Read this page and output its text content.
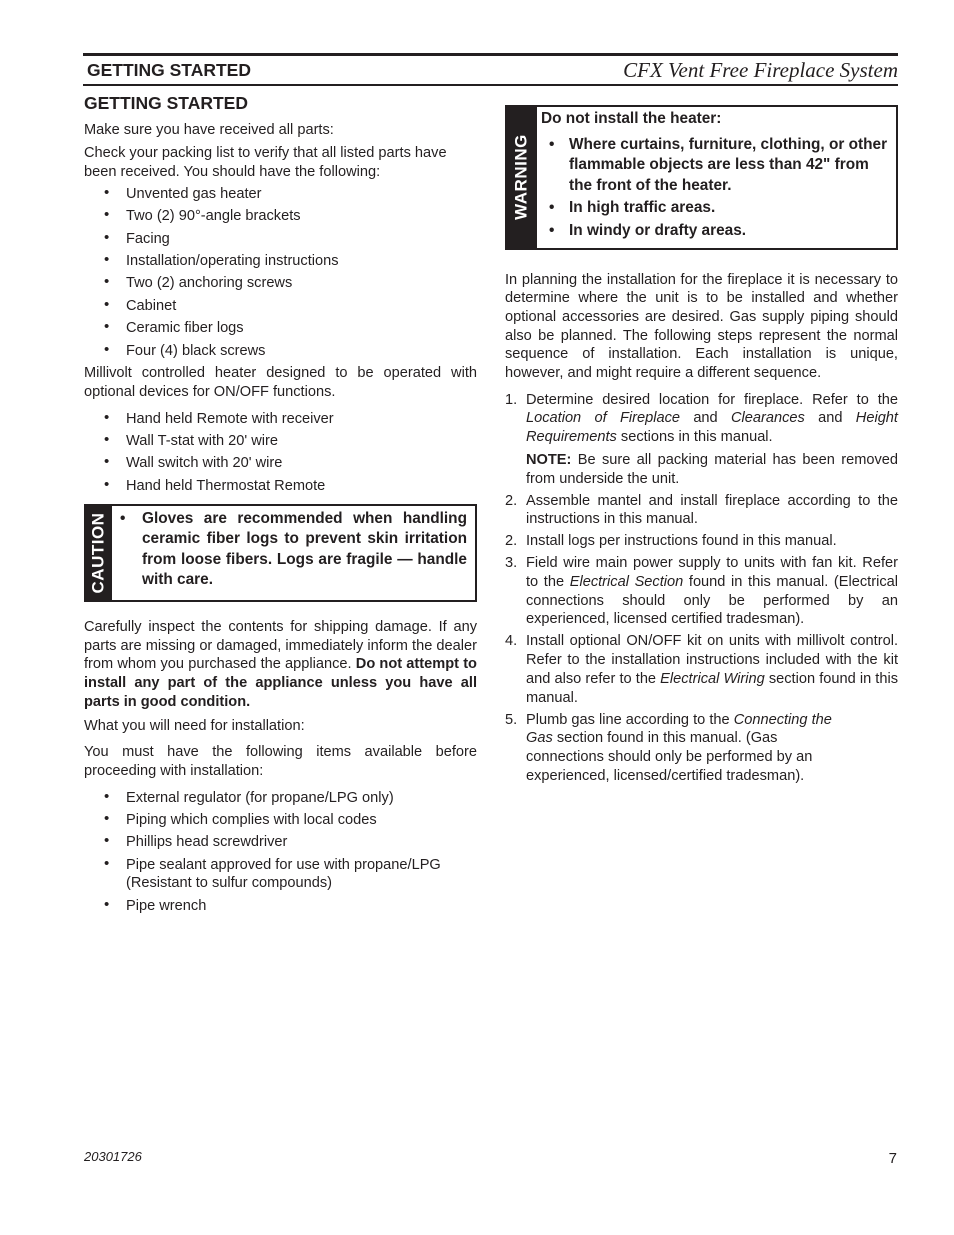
GETTING STARTED	CFX Vent Free Fireplace System
GETTING STARTED

Make sure you have received all parts:

Check your packing list to verify that all listed parts have been received. You should have the following:

• Unvented gas heater
• Two (2) 90°-angle brackets
• Facing
• Installation/operating instructions
• Two (2) anchoring screws
• Cabinet
• Ceramic fiber logs
• Four (4) black screws

Millivolt controlled heater designed to be operated with optional devices for ON/OFF functions.

• Hand held Remote with receiver
• Wall T-stat with 20' wire
• Wall switch with 20' wire
• Hand held Thermostat Remote
CAUTION •	Gloves are recommended when handling ceramic fiber logs to prevent skin irritation from loose fibers. Logs are fragile — handle with care.

Carefully inspect the contents for shipping damage. If any parts are missing or damaged, immediately inform the dealer from whom you purchased the appliance. Do not attempt to install any part of the appliance unless you have all parts in good condition.

What you will need for installation:

You must have the following items available before proceeding with installation:

• External regulator (for propane/LPG only)
• Piping which complies with local codes
• Phillips head screwdriver
• Pipe sealant approved for use with propane/LPG (Resistant to sulfur compounds)
• Pipe wrench
WARNING
Do not install the heater:
• Where curtains, furniture, clothing, or other flammable objects are less than 42" from the front of the heater.
• In high traffic areas.
• In windy or drafty areas.

In planning the installation for the fireplace it is necessary to determine where the unit is to be installed and whether optional accessories are desired. Gas supply piping should also be planned. The following steps represent the normal sequence of installation. Each installation is unique, however, and might require a different sequence.

1. Determine desired location for fireplace. Refer to the Location of Fireplace and Clearances and Height Requirements sections in this manual.
NOTE: Be sure all packing material has been removed from underside the unit.
2. Assemble mantel and install fireplace according to the instructions in this manual.
2. Install logs per instructions found in this manual.
3. Field wire main power supply to units with fan kit. Refer to the Electrical Section found in this manual. (Electrical connections should only be performed by an experienced, licensed certified tradesman).
4. Install optional ON/OFF kit on units with millivolt control. Refer to the installation instructions included with the kit and also refer to the Electrical Wiring section found in this manual.
5. Plumb gas line according to the Connecting the Gas section found in this manual. (Gas connections should only be performed by an experienced, licensed/certified tradesman).
20301726	7
